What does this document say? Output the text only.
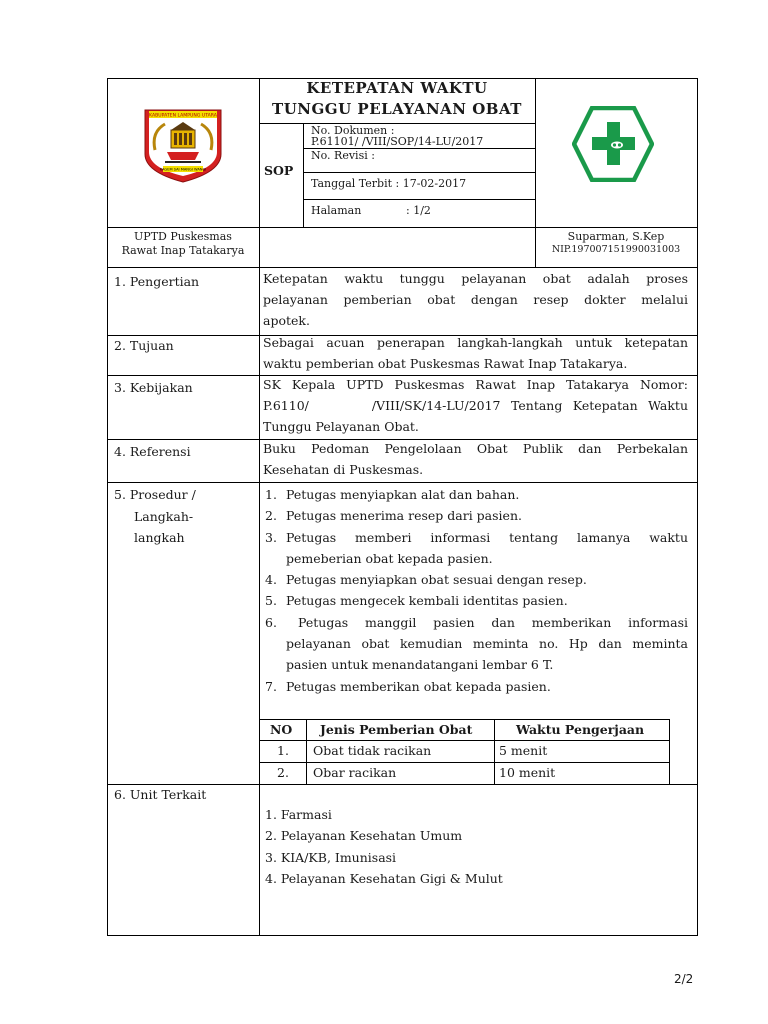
KABUPATEN LAMPUNG UTARA
RAGEM SAI MANGI WANGI
KETEPATAN WAKTU
TUNGGU PELAYANAN OBAT
SOP
No. Dokumen :
P.61101/ /VIII/SOP/14-LU/2017
No. Revisi :
Tanggal Terbit : 17-02-2017
Halaman	: 1/2
UPTD Puskesmas
Rawat Inap Tatakarya
Suparman, S.Kep
NIP.197007151990031003
1. Pengertian	Ketepatan waktu tunggu pelayanan obat adalah proses
pelayanan pemberian obat dengan resep dokter melalui
apotek.
2. Tujuan	Sebagai acuan penerapan langkah-langkah untuk ketepatan
waktu pemberian obat Puskesmas Rawat Inap Tatakarya.
3. Kebijakan	SK Kepala UPTD Puskesmas Rawat Inap Tatakarya Nomor:
P.6110/      /VIII/SK/14-LU/2017 Tentang Ketepatan Waktu
Tunggu Pelayanan Obat.
4. Referensi	Buku Pedoman Pengelolaan Obat Publik dan Perbekalan
Kesehatan di Puskesmas.
5. Prosedur /
Langkah-
langkah
1. Petugas menyiapkan alat dan bahan.
2. Petugas menerima resep dari pasien.
3. Petugas memberi informasi tentang lamanya waktu
pemeberian obat kepada pasien.
4. Petugas menyiapkan obat sesuai dengan resep.
5. Petugas mengecek kembali identitas pasien.
6. Petugas manggil pasien dan memberikan informasi
pelayanan obat kemudian meminta no. Hp dan meminta
pasien untuk menandatangani lembar 6 T.
7. Petugas memberikan obat kepada pasien.
NO Jenis Pemberian Obat	Waktu Pengerjaan
1. Obat tidak racikan	5 menit
2. Obar racikan	10 menit
6. Unit Terkait
1. Farmasi
2. Pelayanan Kesehatan Umum
3. KIA/KB, Imunisasi
4. Pelayanan Kesehatan Gigi & Mulut
2/2
